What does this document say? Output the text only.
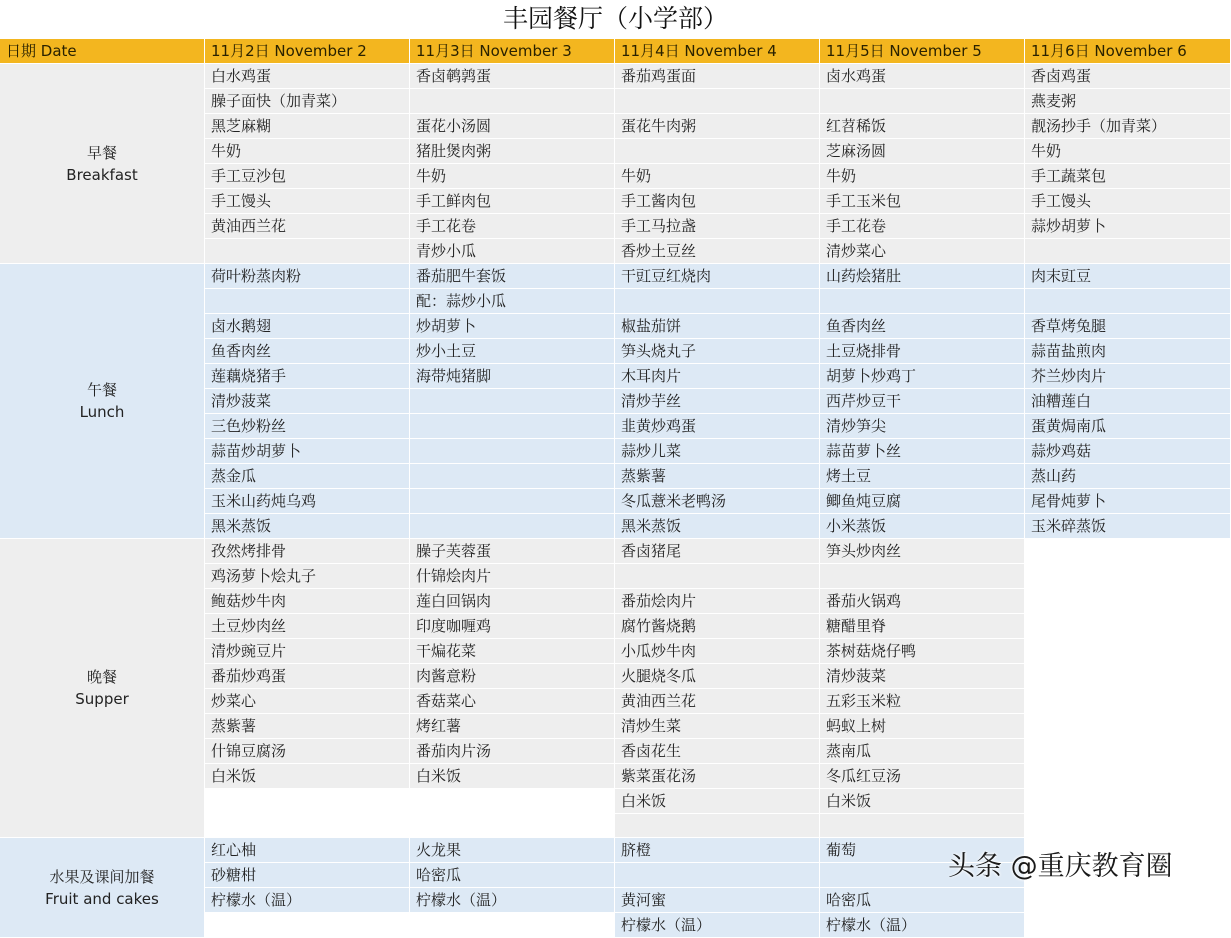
丰园餐厅（小学部）
日期 Date	11月2日 November 2	11月3日 November 3	11月4日 November 4	11月5日 November 5	11月6日 November 6

早餐
Breakfast	白水鸡蛋	香卤鹌鹑蛋	番茄鸡蛋面	卤水鸡蛋	香卤鸡蛋
	臊子面快（加青菜）				燕麦粥
	黑芝麻糊	蛋花小汤圆	蛋花牛肉粥	红苕稀饭	靓汤抄手（加青菜）
	牛奶	猪肚煲肉粥		芝麻汤圆	牛奶
	手工豆沙包	牛奶	牛奶	牛奶	手工蔬菜包
	手工馒头	手工鲜肉包	手工酱肉包	手工玉米包	手工馒头
	黄油西兰花	手工花卷	手工马拉盏	手工花卷	蒜炒胡萝卜
		青炒小瓜	香炒土豆丝	清炒菜心	

午餐
Lunch	荷叶粉蒸肉粉	番茄肥牛套饭	干豇豆红烧肉	山药烩猪肚	肉末豇豆
		配：蒜炒小瓜			
	卤水鹅翅	炒胡萝卜	椒盐茄饼	鱼香肉丝	香草烤兔腿
	鱼香肉丝	炒小土豆	笋头烧丸子	土豆烧排骨	蒜苗盐煎肉
	莲藕烧猪手	海带炖猪脚	木耳肉片	胡萝卜炒鸡丁	芥兰炒肉片
	清炒菠菜		清炒芋丝	西芹炒豆干	油糟莲白
	三色炒粉丝		韭黄炒鸡蛋	清炒笋尖	蛋黄焗南瓜
	蒜苗炒胡萝卜		蒜炒儿菜	蒜苗萝卜丝	蒜炒鸡菇
	蒸金瓜		蒸紫薯	烤土豆	蒸山药
	玉米山药炖乌鸡		冬瓜薏米老鸭汤	鲫鱼炖豆腐	尾骨炖萝卜
	黑米蒸饭		黑米蒸饭	小米蒸饭	玉米碎蒸饭

晚餐
Supper	孜然烤排骨	臊子芙蓉蛋	香卤猪尾	笋头炒肉丝	
	鸡汤萝卜烩丸子	什锦烩肉片			
	鲍菇炒牛肉	莲白回锅肉	番茄烩肉片	番茄火锅鸡	
	土豆炒肉丝	印度咖喱鸡	腐竹酱烧鹅	糖醋里脊	
	清炒豌豆片	干煸花菜	小瓜炒牛肉	茶树菇烧仔鸭	
	番茄炒鸡蛋	肉酱意粉	火腿烧冬瓜	清炒菠菜	
	炒菜心	香菇菜心	黄油西兰花	五彩玉米粒	
	蒸紫薯	烤红薯	清炒生菜	蚂蚁上树	
	什锦豆腐汤	番茄肉片汤	香卤花生	蒸南瓜	
	白米饭	白米饭	紫菜蛋花汤	冬瓜红豆汤	
			白米饭	白米饭	

水果及课间加餐
Fruit and cakes	红心柚	火龙果	脐橙	葡萄	
	砂糖柑	哈密瓜			
	柠檬水（温）	柠檬水（温）	黄河蜜	哈密瓜	
			柠檬水（温）	柠檬水（温）	
头条 @重庆教育圈
